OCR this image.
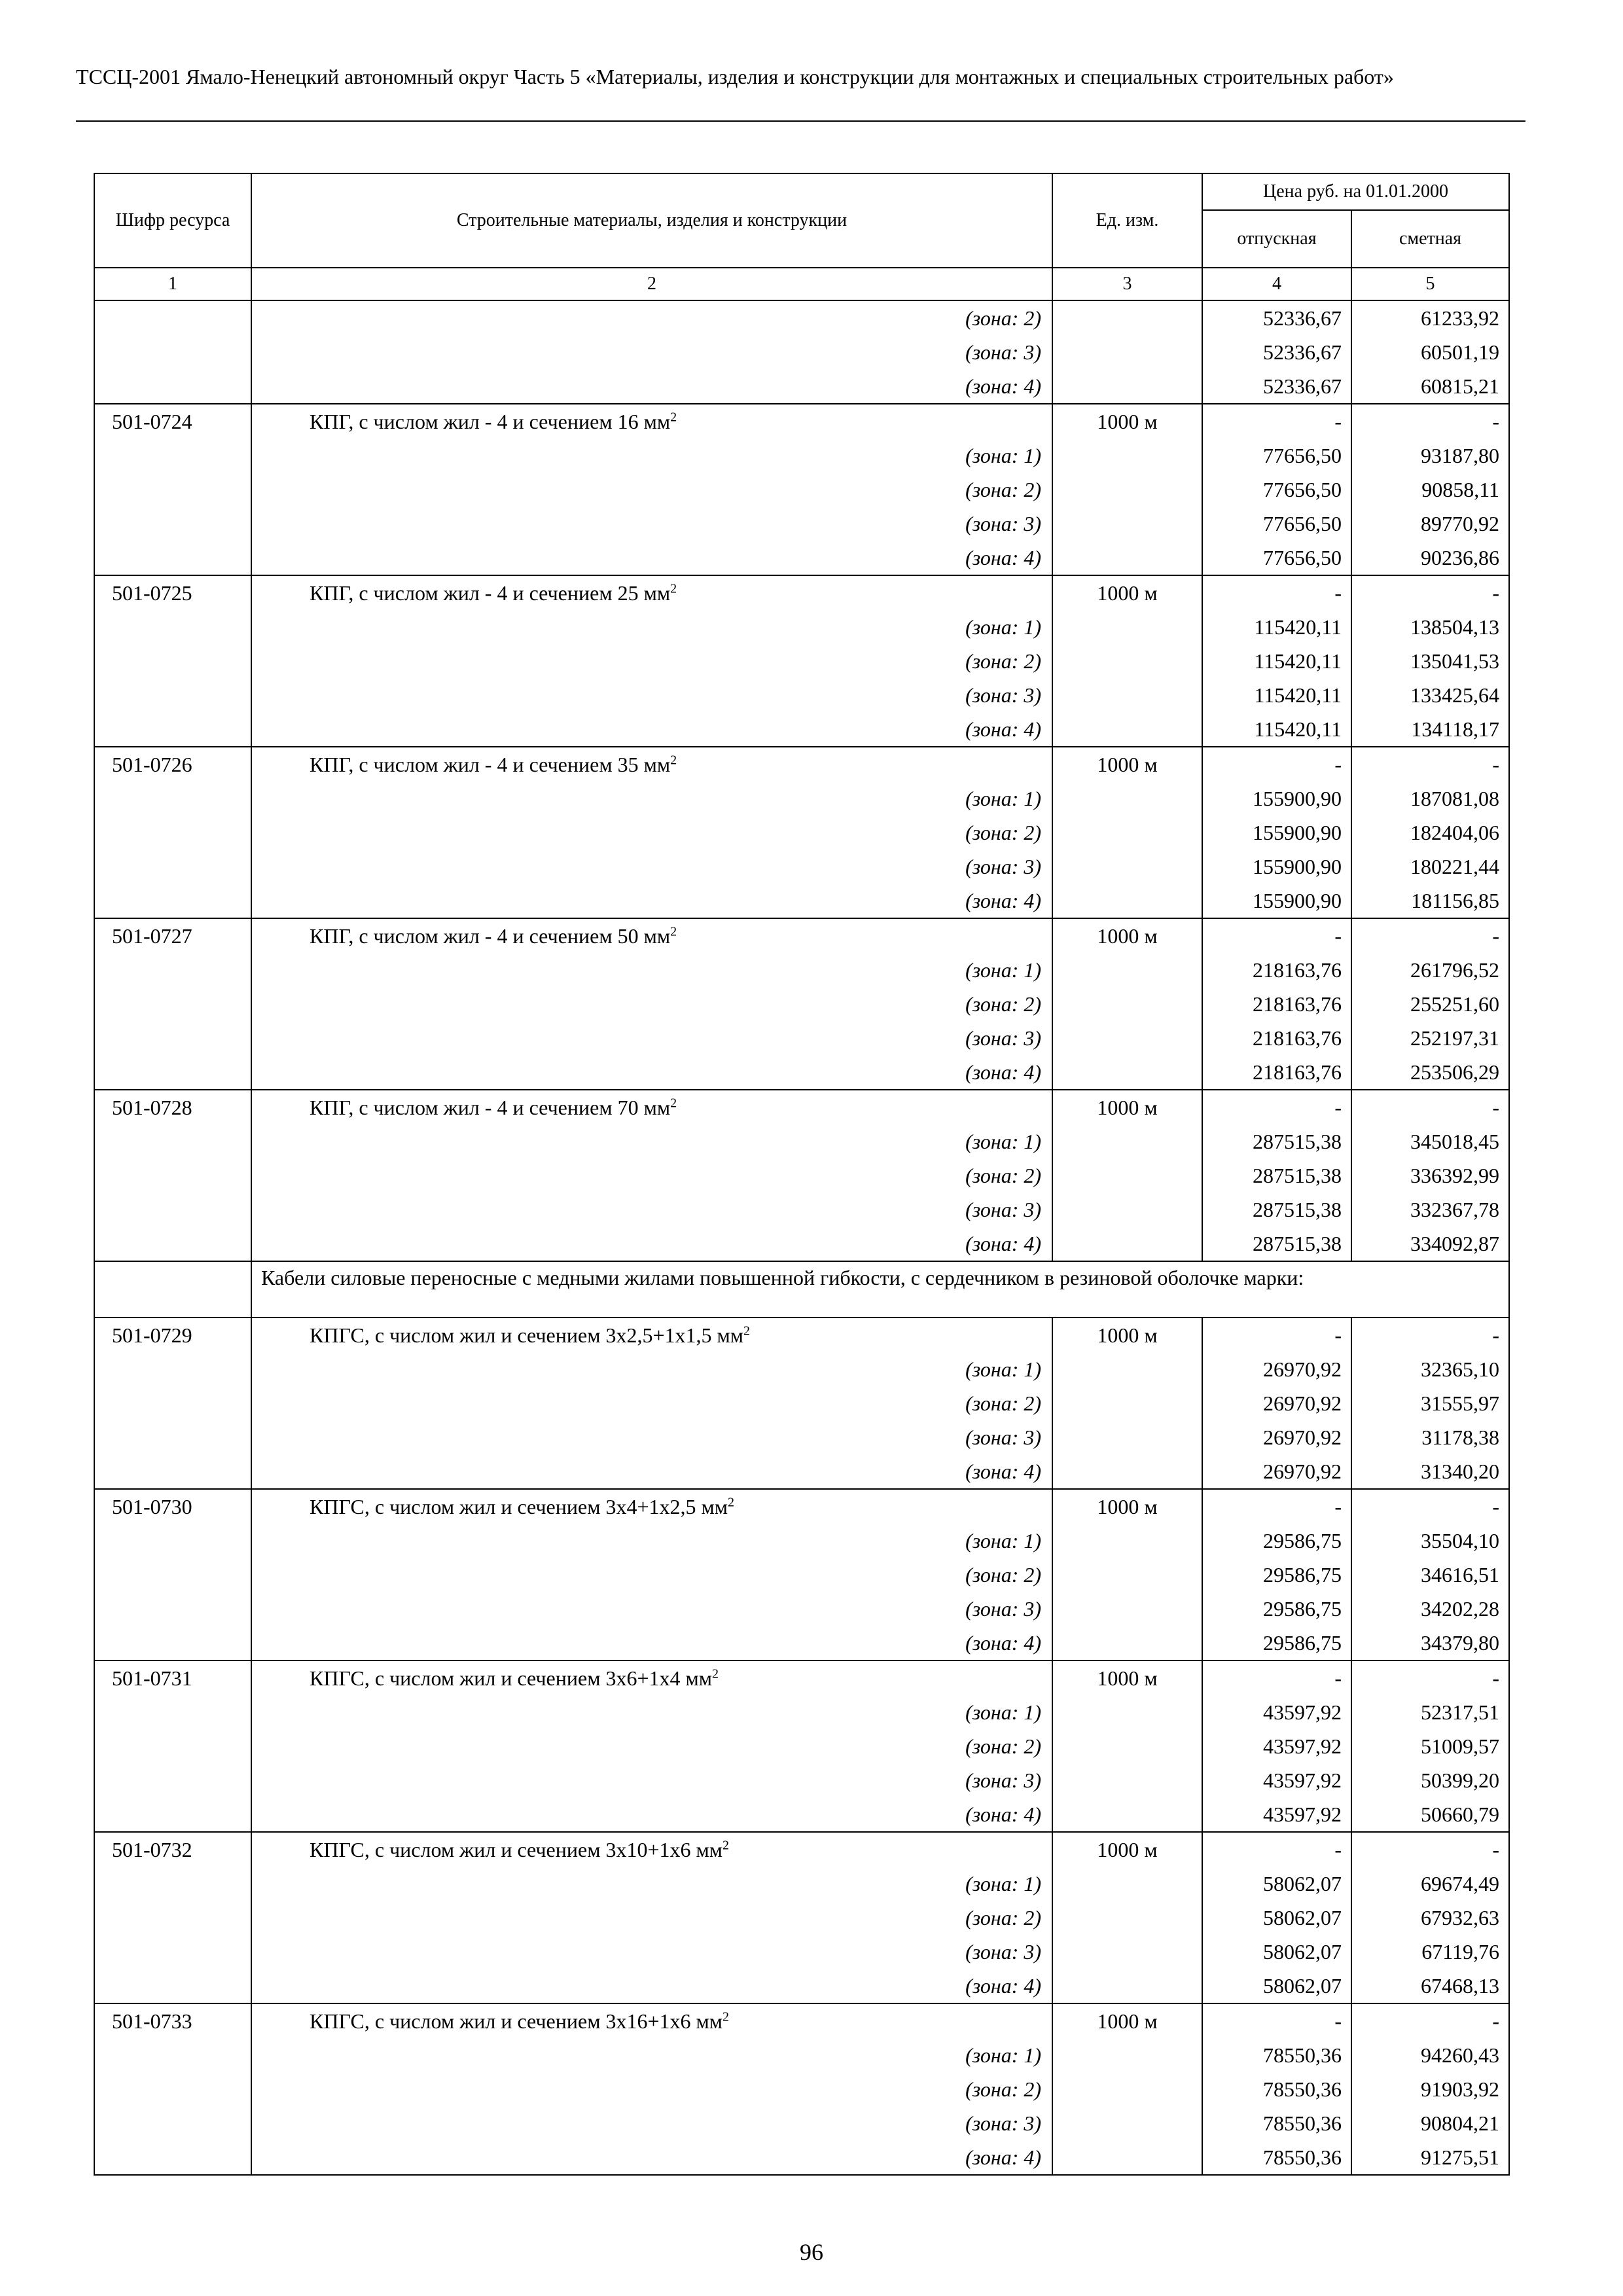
ТССЦ-2001 Ямало-Ненецкий автономный округ Часть 5 «Материалы, изделия и конструкции для монтажных и специальных строительных работ»
Шифр ресурса	Строительные материалы, изделия и конструкции	Ед. изм.	Цена руб. на 01.01.2000	
			отпускная	сметная
1	2	3	4	5
	(зона: 2)		52336,67	61233,92
	(зона: 3)		52336,67	60501,19
	(зона: 4)		52336,67	60815,21
501-0724	КПГ, с числом жил - 4 и сечением 16 $мм^2$	1000 м	-	-
	(зона: 1)		77656,50	93187,80
	(зона: 2)		77656,50	90858,11
	(зона: 3)		77656,50	89770,92
	(зона: 4)		77656,50	90236,86
501-0725	КПГ, с числом жил - 4 и сечением 25 $мм^2$	1000 м	-	-
	(зона: 1)		115420,11	138504,13
	(зона: 2)		115420,11	135041,53
	(зона: 3)		115420,11	133425,64
	(зона: 4)		115420,11	134118,17
501-0726	КПГ, с числом жил - 4 и сечением 35 $мм^2$	1000 м	-	-
	(зона: 1)		155900,90	187081,08
	(зона: 2)		155900,90	182404,06
	(зона: 3)		155900,90	180221,44
	(зона: 4)		155900,90	181156,85
501-0727	КПГ, с числом жил - 4 и сечением 50 $мм^2$	1000 м	-	-
	(зона: 1)		218163,76	261796,52
	(зона: 2)		218163,76	255251,60
	(зона: 3)		218163,76	252197,31
	(зона: 4)		218163,76	253506,29
501-0728	КПГ, с числом жил - 4 и сечением 70 $мм^2$	1000 м	-	-
	(зона: 1)		287515,38	345018,45
	(зона: 2)		287515,38	336392,99
	(зона: 3)		287515,38	332367,78
	(зона: 4)		287515,38	334092,87
	Кабели силовые переносные с медными жилами повышенной гибкости, с сердечником в резиновой оболочке марки:			
501-0729	КПГС, с числом жил и сечением 3х2,5+1х1,5 $мм^2$	1000 м	-	-
	(зона: 1)		26970,92	32365,10
	(зона: 2)		26970,92	31555,97
	(зона: 3)		26970,92	31178,38
	(зона: 4)		26970,92	31340,20
501-0730	КПГС, с числом жил и сечением 3х4+1х2,5 $мм^2$	1000 м	-	-
	(зона: 1)		29586,75	35504,10
	(зона: 2)		29586,75	34616,51
	(зона: 3)		29586,75	34202,28
	(зона: 4)		29586,75	34379,80
501-0731	КПГС, с числом жил и сечением 3х6+1х4 $мм^2$	1000 м	-	-
	(зона: 1)		43597,92	52317,51
	(зона: 2)		43597,92	51009,57
	(зона: 3)		43597,92	50399,20
	(зона: 4)		43597,92	50660,79
501-0732	КПГС, с числом жил и сечением 3х10+1х6 $мм^2$	1000 м	-	-
	(зона: 1)		58062,07	69674,49
	(зона: 2)		58062,07	67932,63
	(зона: 3)		58062,07	67119,76
	(зона: 4)		58062,07	67468,13
501-0733	КПГС, с числом жил и сечением 3х16+1х6 $мм^2$	1000 м	-	-
	(зона: 1)		78550,36	94260,43
	(зона: 2)		78550,36	91903,92
	(зона: 3)		78550,36	90804,21
	(зона: 4)		78550,36	91275,51
96
